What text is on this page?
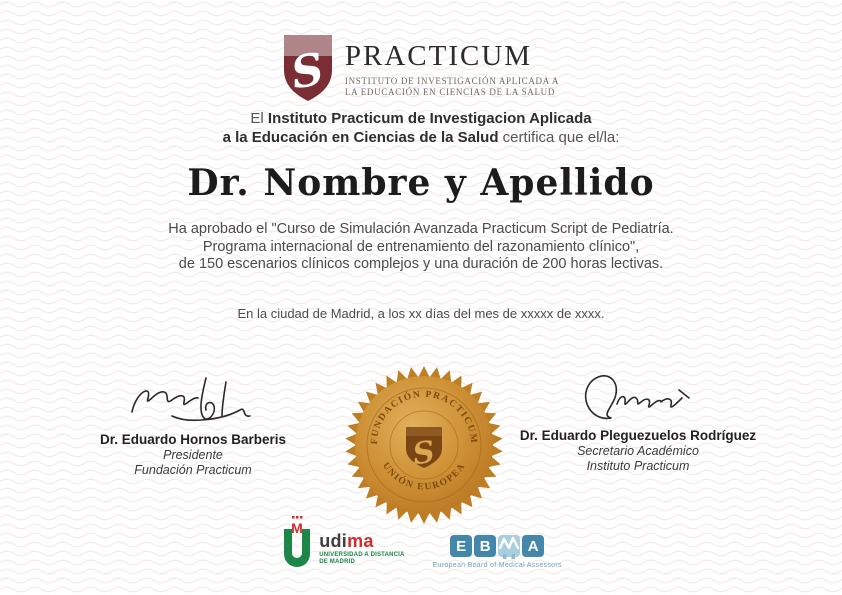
S PRACTICUM
INSTITUTO DE INVESTIGACIÓN APLICADA A
LA EDUCACIÓN EN CIENCIAS DE LA SALUD
El Instituto Practicum de Investigacion Aplicada
a la Educación en Ciencias de la Salud certifica que el/la:
Dr. Nombre y Apellido
Ha aprobado el "Curso de Simulación Avanzada Practicum Script de Pediatría.
Programa internacional de entrenamiento del razonamiento clínico",
de 150 escenarios clínicos complejos y una duración de 200 horas lectivas.
En la ciudad de Madrid, a los xx días del mes de xxxxx de xxxx.
Dr. Eduardo Hornos Barberis
Presidente
Fundación Practicum
Dr. Eduardo Pleguezuelos Rodríguez
Secretario Académico
Instituto Practicum
FUNDACIÓN PRACTICUM
UNIÓN EUROPEA
S
M
udima
UNIVERSIDAD A DISTANCIA
DE MADRID
E B	A
European Board of Medical Assessors
